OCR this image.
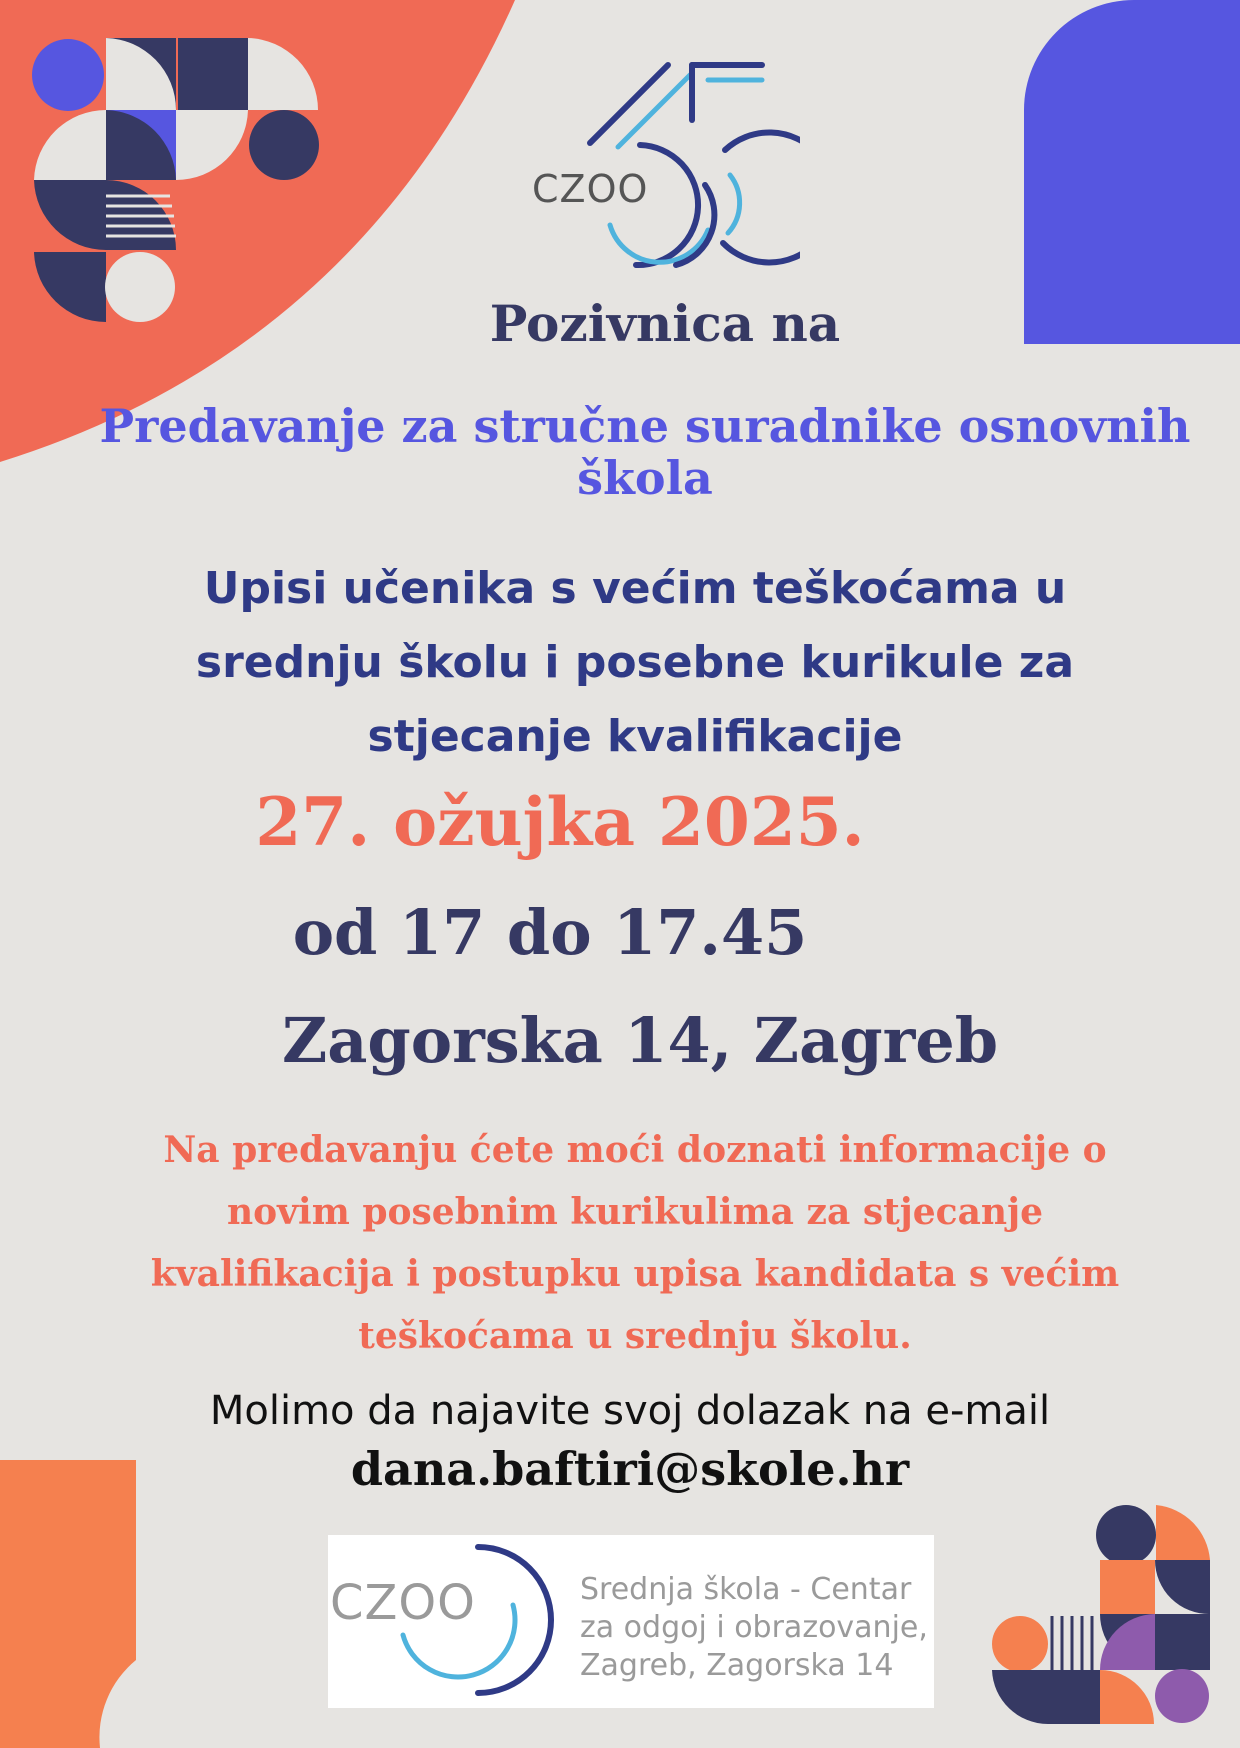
CZOO

Pozivnica na

Predavanje za stručne suradnike osnovnih škola

Upisi učenika s većim teškoćama u srednju školu i posebne kurikule za stjecanje kvalifikacije

27. ožujka 2025.

od 17 do 17.45

Zagorska 14, Zagreb

Na predavanju ćete moći doznati informacije o novim posebnim kurikulima za stjecanje kvalifikacija i postupku upisa kandidata s većim teškoćama u srednju školu.

Molimo da najavite svoj dolazak na e-mail

dana.baftiri@skole.hr

CZOO	Srednja škola - Centar
za odgoj i obrazovanje,
Zagreb, Zagorska 14
